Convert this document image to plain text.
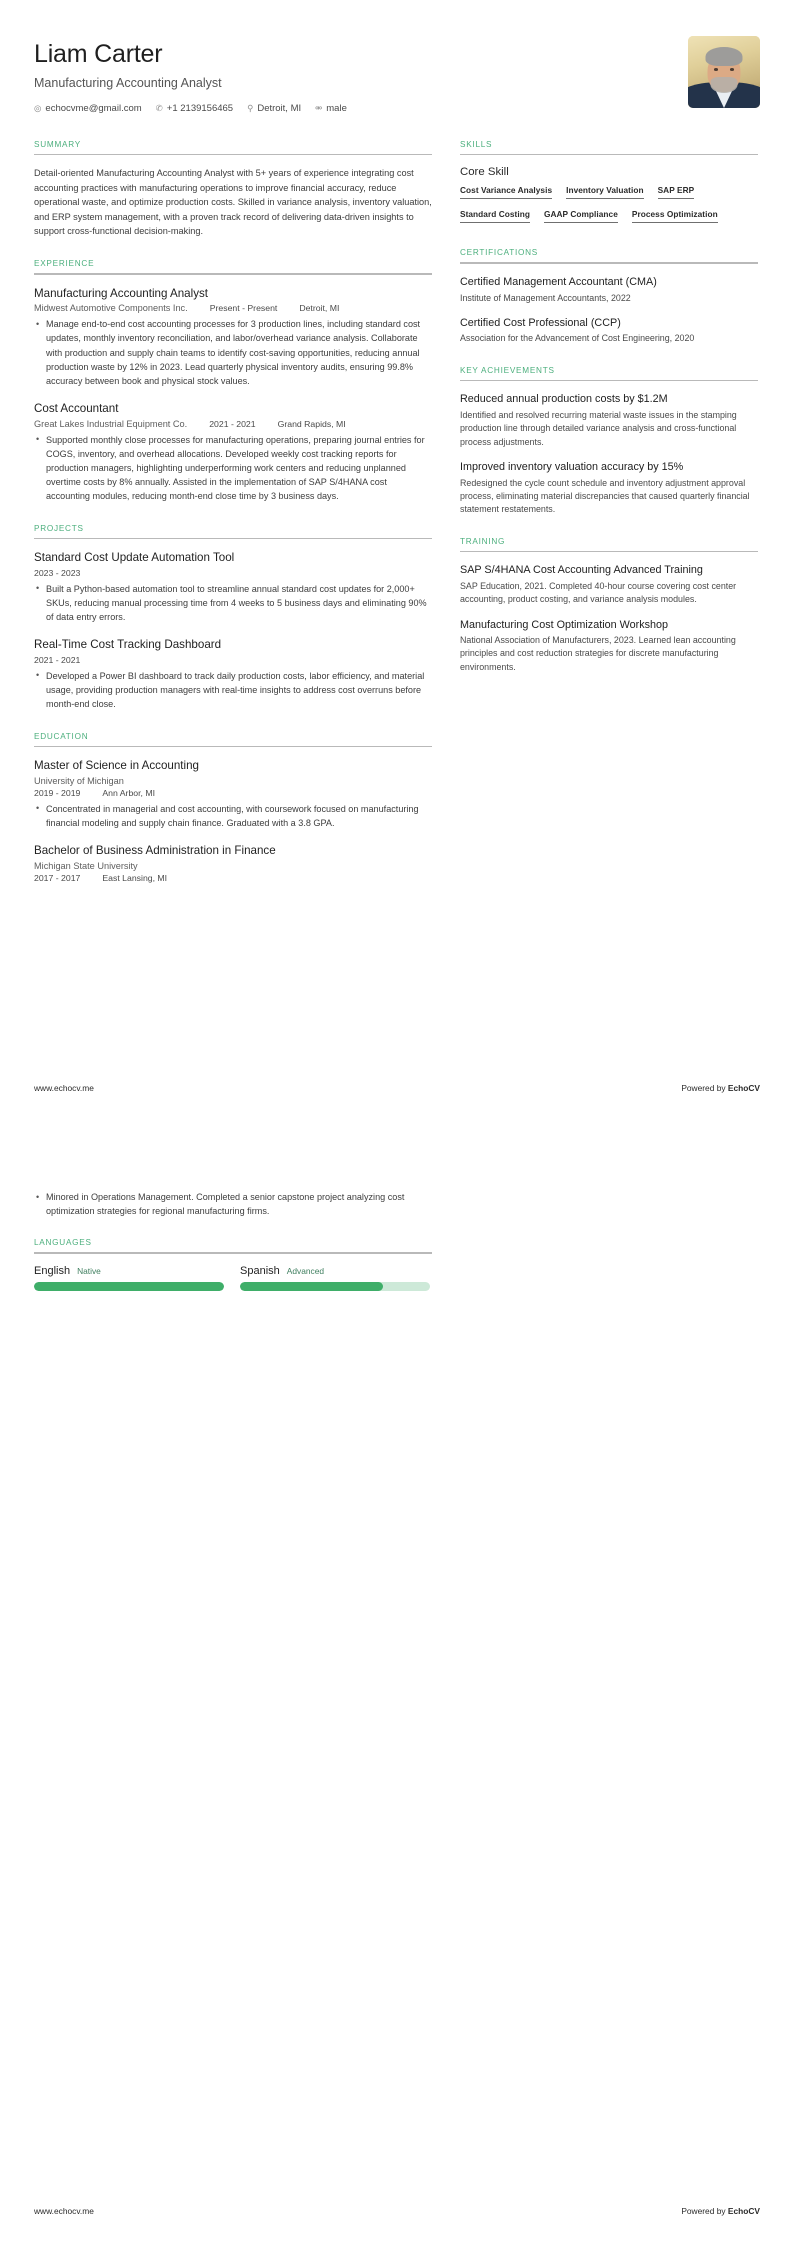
Liam Carter
Manufacturing Accounting Analyst
◎ echocvme@gmail.com ✆ +1 2139156465 ⚲ Detroit, MI ⚮ male
SUMMARY
Detail-oriented Manufacturing Accounting Analyst with 5+ years of experience integrating cost accounting practices with manufacturing operations to improve financial accuracy, reduce operational waste, and optimize production costs. Skilled in variance analysis, inventory valuation, and ERP system management, with a proven track record of delivering data-driven insights to support cross-functional decision-making.
EXPERIENCE
Manufacturing Accounting Analyst
Midwest Automotive Components Inc.	Present - Present	Detroit, MI
• Manage end-to-end cost accounting processes for 3 production lines, including standard cost updates, monthly inventory reconciliation, and labor/overhead variance analysis. Collaborate with production and supply chain teams to identify cost-saving opportunities, reducing annual production waste by 12% in 2023. Lead quarterly physical inventory audits, ensuring 99.8% accuracy between book and physical stock values.
Cost Accountant
Great Lakes Industrial Equipment Co.	2021 - 2021	Grand Rapids, MI
• Supported monthly close processes for manufacturing operations, preparing journal entries for COGS, inventory, and overhead allocations. Developed weekly cost tracking reports for production managers, highlighting underperforming work centers and reducing unplanned overtime costs by 8% annually. Assisted in the implementation of SAP S/4HANA cost accounting modules, reducing month-end close time by 3 business days.
PROJECTS
Standard Cost Update Automation Tool
2023 - 2023
• Built a Python-based automation tool to streamline annual standard cost updates for 2,000+ SKUs, reducing manual processing time from 4 weeks to 5 business days and eliminating 90% of data entry errors.
Real-Time Cost Tracking Dashboard
2021 - 2021
• Developed a Power BI dashboard to track daily production costs, labor efficiency, and material usage, providing production managers with real-time insights to address cost overruns before month-end close.
EDUCATION
Master of Science in Accounting
University of Michigan
2019 - 2019	Ann Arbor, MI
• Concentrated in managerial and cost accounting, with coursework focused on manufacturing financial modeling and supply chain finance. Graduated with a 3.8 GPA.
Bachelor of Business Administration in Finance
Michigan State University
2017 - 2017	East Lansing, MI
SKILLS
Core Skill
Cost Variance Analysis Inventory Valuation SAP ERP
Standard Costing GAAP Compliance Process Optimization
CERTIFICATIONS
Certified Management Accountant (CMA)
Institute of Management Accountants, 2022
Certified Cost Professional (CCP)
Association for the Advancement of Cost Engineering, 2020
KEY ACHIEVEMENTS
Reduced annual production costs by $1.2M
Identified and resolved recurring material waste issues in the stamping production line through detailed variance analysis and cross-functional process adjustments.
Improved inventory valuation accuracy by 15%
Redesigned the cycle count schedule and inventory adjustment approval process, eliminating material discrepancies that caused quarterly financial statement restatements.
TRAINING
SAP S/4HANA Cost Accounting Advanced Training
SAP Education, 2021. Completed 40-hour course covering cost center accounting, product costing, and variance analysis modules.
Manufacturing Cost Optimization Workshop
National Association of Manufacturers, 2023. Learned lean accounting principles and cost reduction strategies for discrete manufacturing environments.
www.echocv.me	Powered by EchoCV
• Minored in Operations Management. Completed a senior capstone project analyzing cost optimization strategies for regional manufacturing firms.
LANGUAGES
English Native	Spanish Advanced
www.echocv.me	Powered by EchoCV
